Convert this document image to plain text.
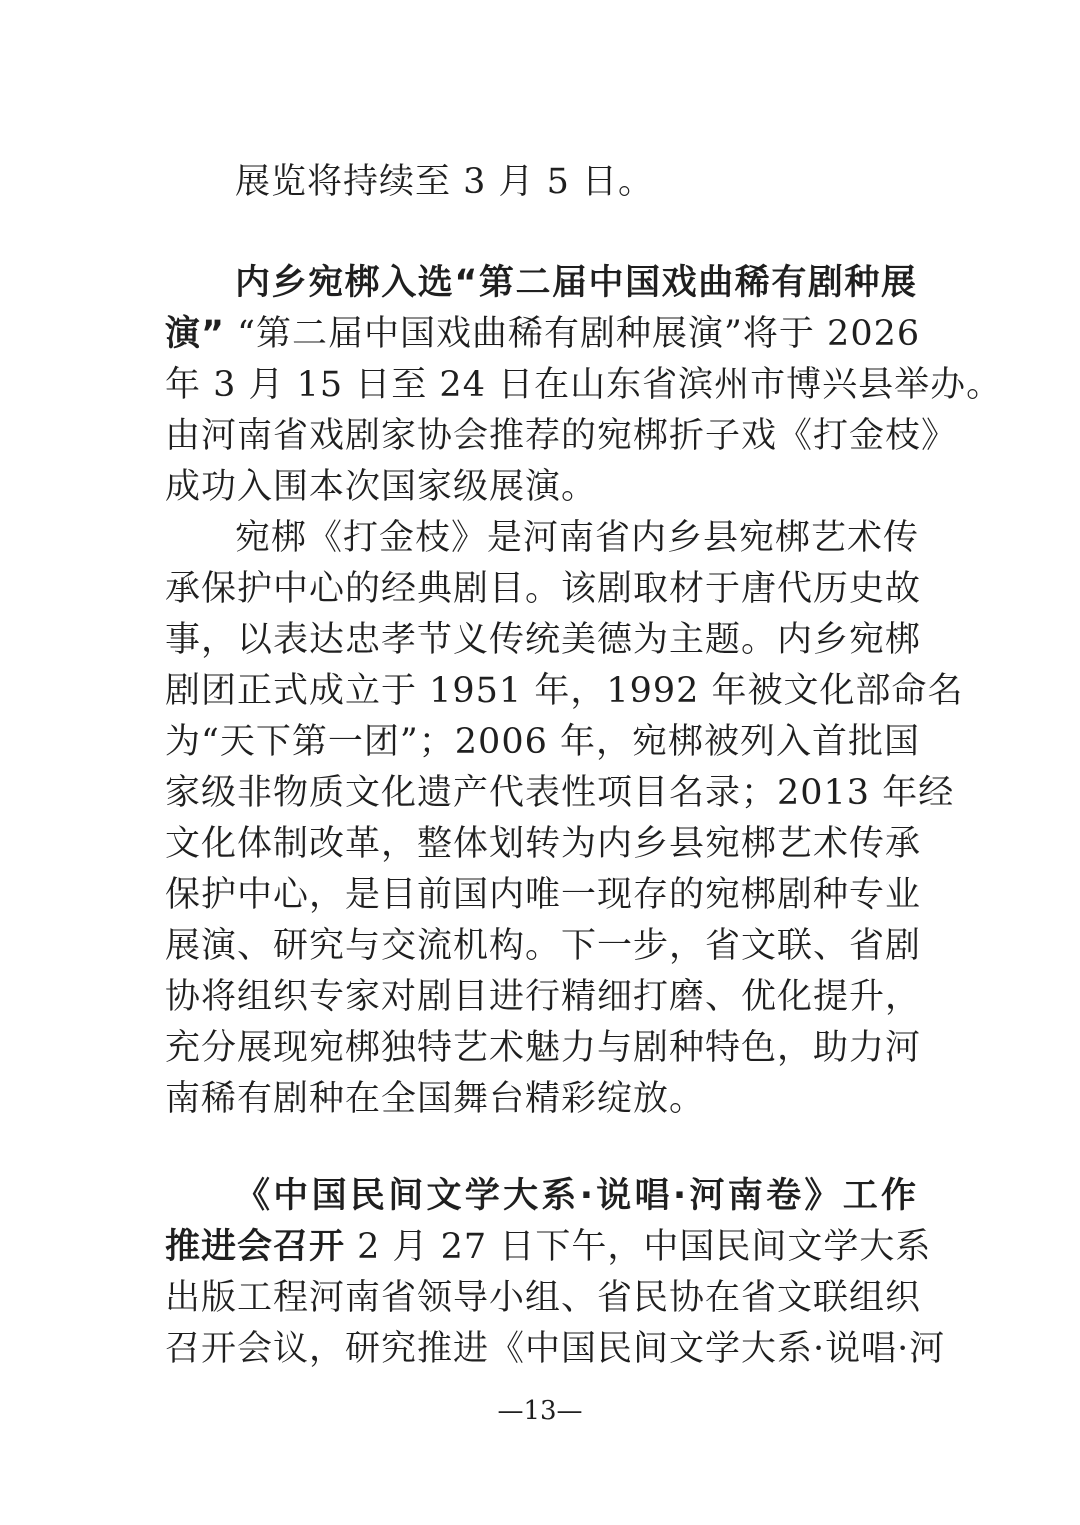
展览将持续至 3 月 5 日。
内乡宛梆入选“第二届中国戏曲稀有剧种展
演” “第二届中国戏曲稀有剧种展演”将于 2026
年 3 月 15 日至 24 日在山东省滨州市博兴县举办。
由河南省戏剧家协会推荐的宛梆折子戏《打金枝》
成功入围本次国家级展演。
宛梆《打金枝》是河南省内乡县宛梆艺术传
承保护中心的经典剧目。该剧取材于唐代历史故
事，以表达忠孝节义传统美德为主题。内乡宛梆
剧团正式成立于 1951 年，1992 年被文化部命名
为“天下第一团”；2006 年，宛梆被列入首批国
家级非物质文化遗产代表性项目名录；2013 年经
文化体制改革，整体划转为内乡县宛梆艺术传承
保护中心，是目前国内唯一现存的宛梆剧种专业
展演、研究与交流机构。下一步，省文联、省剧
协将组织专家对剧目进行精细打磨、优化提升，
充分展现宛梆独特艺术魅力与剧种特色，助力河
南稀有剧种在全国舞台精彩绽放。
《中国民间文学大系·说唱·河南卷》工作
推进会召开 2 月 27 日下午，中国民间文学大系
出版工程河南省领导小组、省民协在省文联组织
召开会议，研究推进《中国民间文学大系·说唱·河
—13—
